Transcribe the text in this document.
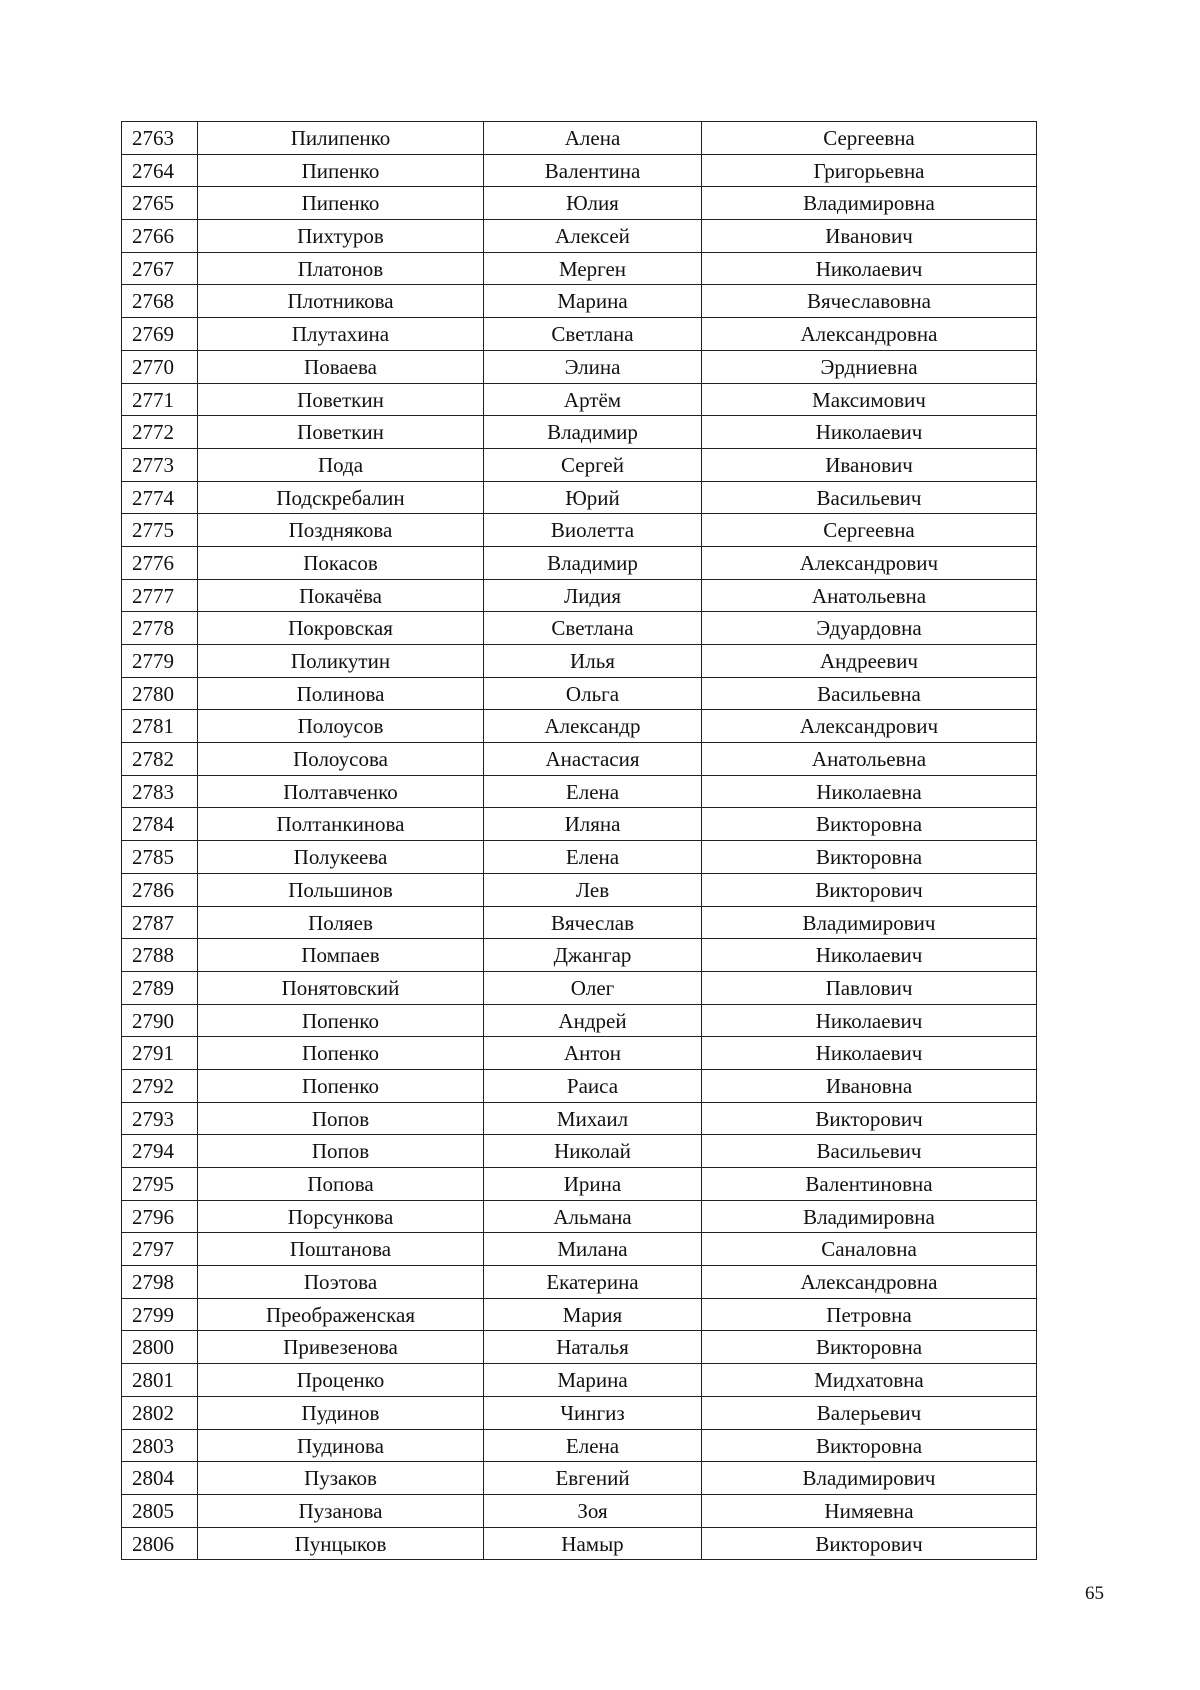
2763	Пилипенко	Алена	Сергеевна
2764	Пипенко	Валентина	Григорьевна
2765	Пипенко	Юлия	Владимировна
2766	Пихтуров	Алексей	Иванович
2767	Платонов	Мерген	Николаевич
2768	Плотникова	Марина	Вячеславовна
2769	Плутахина	Светлана	Александровна
2770	Поваева	Элина	Эрдниевна
2771	Поветкин	Артём	Максимович
2772	Поветкин	Владимир	Николаевич
2773	Пода	Сергей	Иванович
2774	Подскребалин	Юрий	Васильевич
2775	Позднякова	Виолетта	Сергеевна
2776	Покасов	Владимир	Александрович
2777	Покачёва	Лидия	Анатольевна
2778	Покровская	Светлана	Эдуардовна
2779	Поликутин	Илья	Андреевич
2780	Полинова	Ольга	Васильевна
2781	Полоусов	Александр	Александрович
2782	Полоусова	Анастасия	Анатольевна
2783	Полтавченко	Елена	Николаевна
2784	Полтанкинова	Иляна	Викторовна
2785	Полукеева	Елена	Викторовна
2786	Польшинов	Лев	Викторович
2787	Поляев	Вячеслав	Владимирович
2788	Помпаев	Джангар	Николаевич
2789	Понятовский	Олег	Павлович
2790	Попенко	Андрей	Николаевич
2791	Попенко	Антон	Николаевич
2792	Попенко	Раиса	Ивановна
2793	Попов	Михаил	Викторович
2794	Попов	Николай	Васильевич
2795	Попова	Ирина	Валентиновна
2796	Порсункова	Альмана	Владимировна
2797	Поштанова	Милана	Саналовна
2798	Поэтова	Екатерина	Александровна
2799	Преображенская	Мария	Петровна
2800	Привезенова	Наталья	Викторовна
2801	Проценко	Марина	Мидхатовна
2802	Пудинов	Чингиз	Валерьевич
2803	Пудинова	Елена	Викторовна
2804	Пузаков	Евгений	Владимирович
2805	Пузанова	Зоя	Нимяевна
2806	Пунцыков	Намыр	Викторович
65
